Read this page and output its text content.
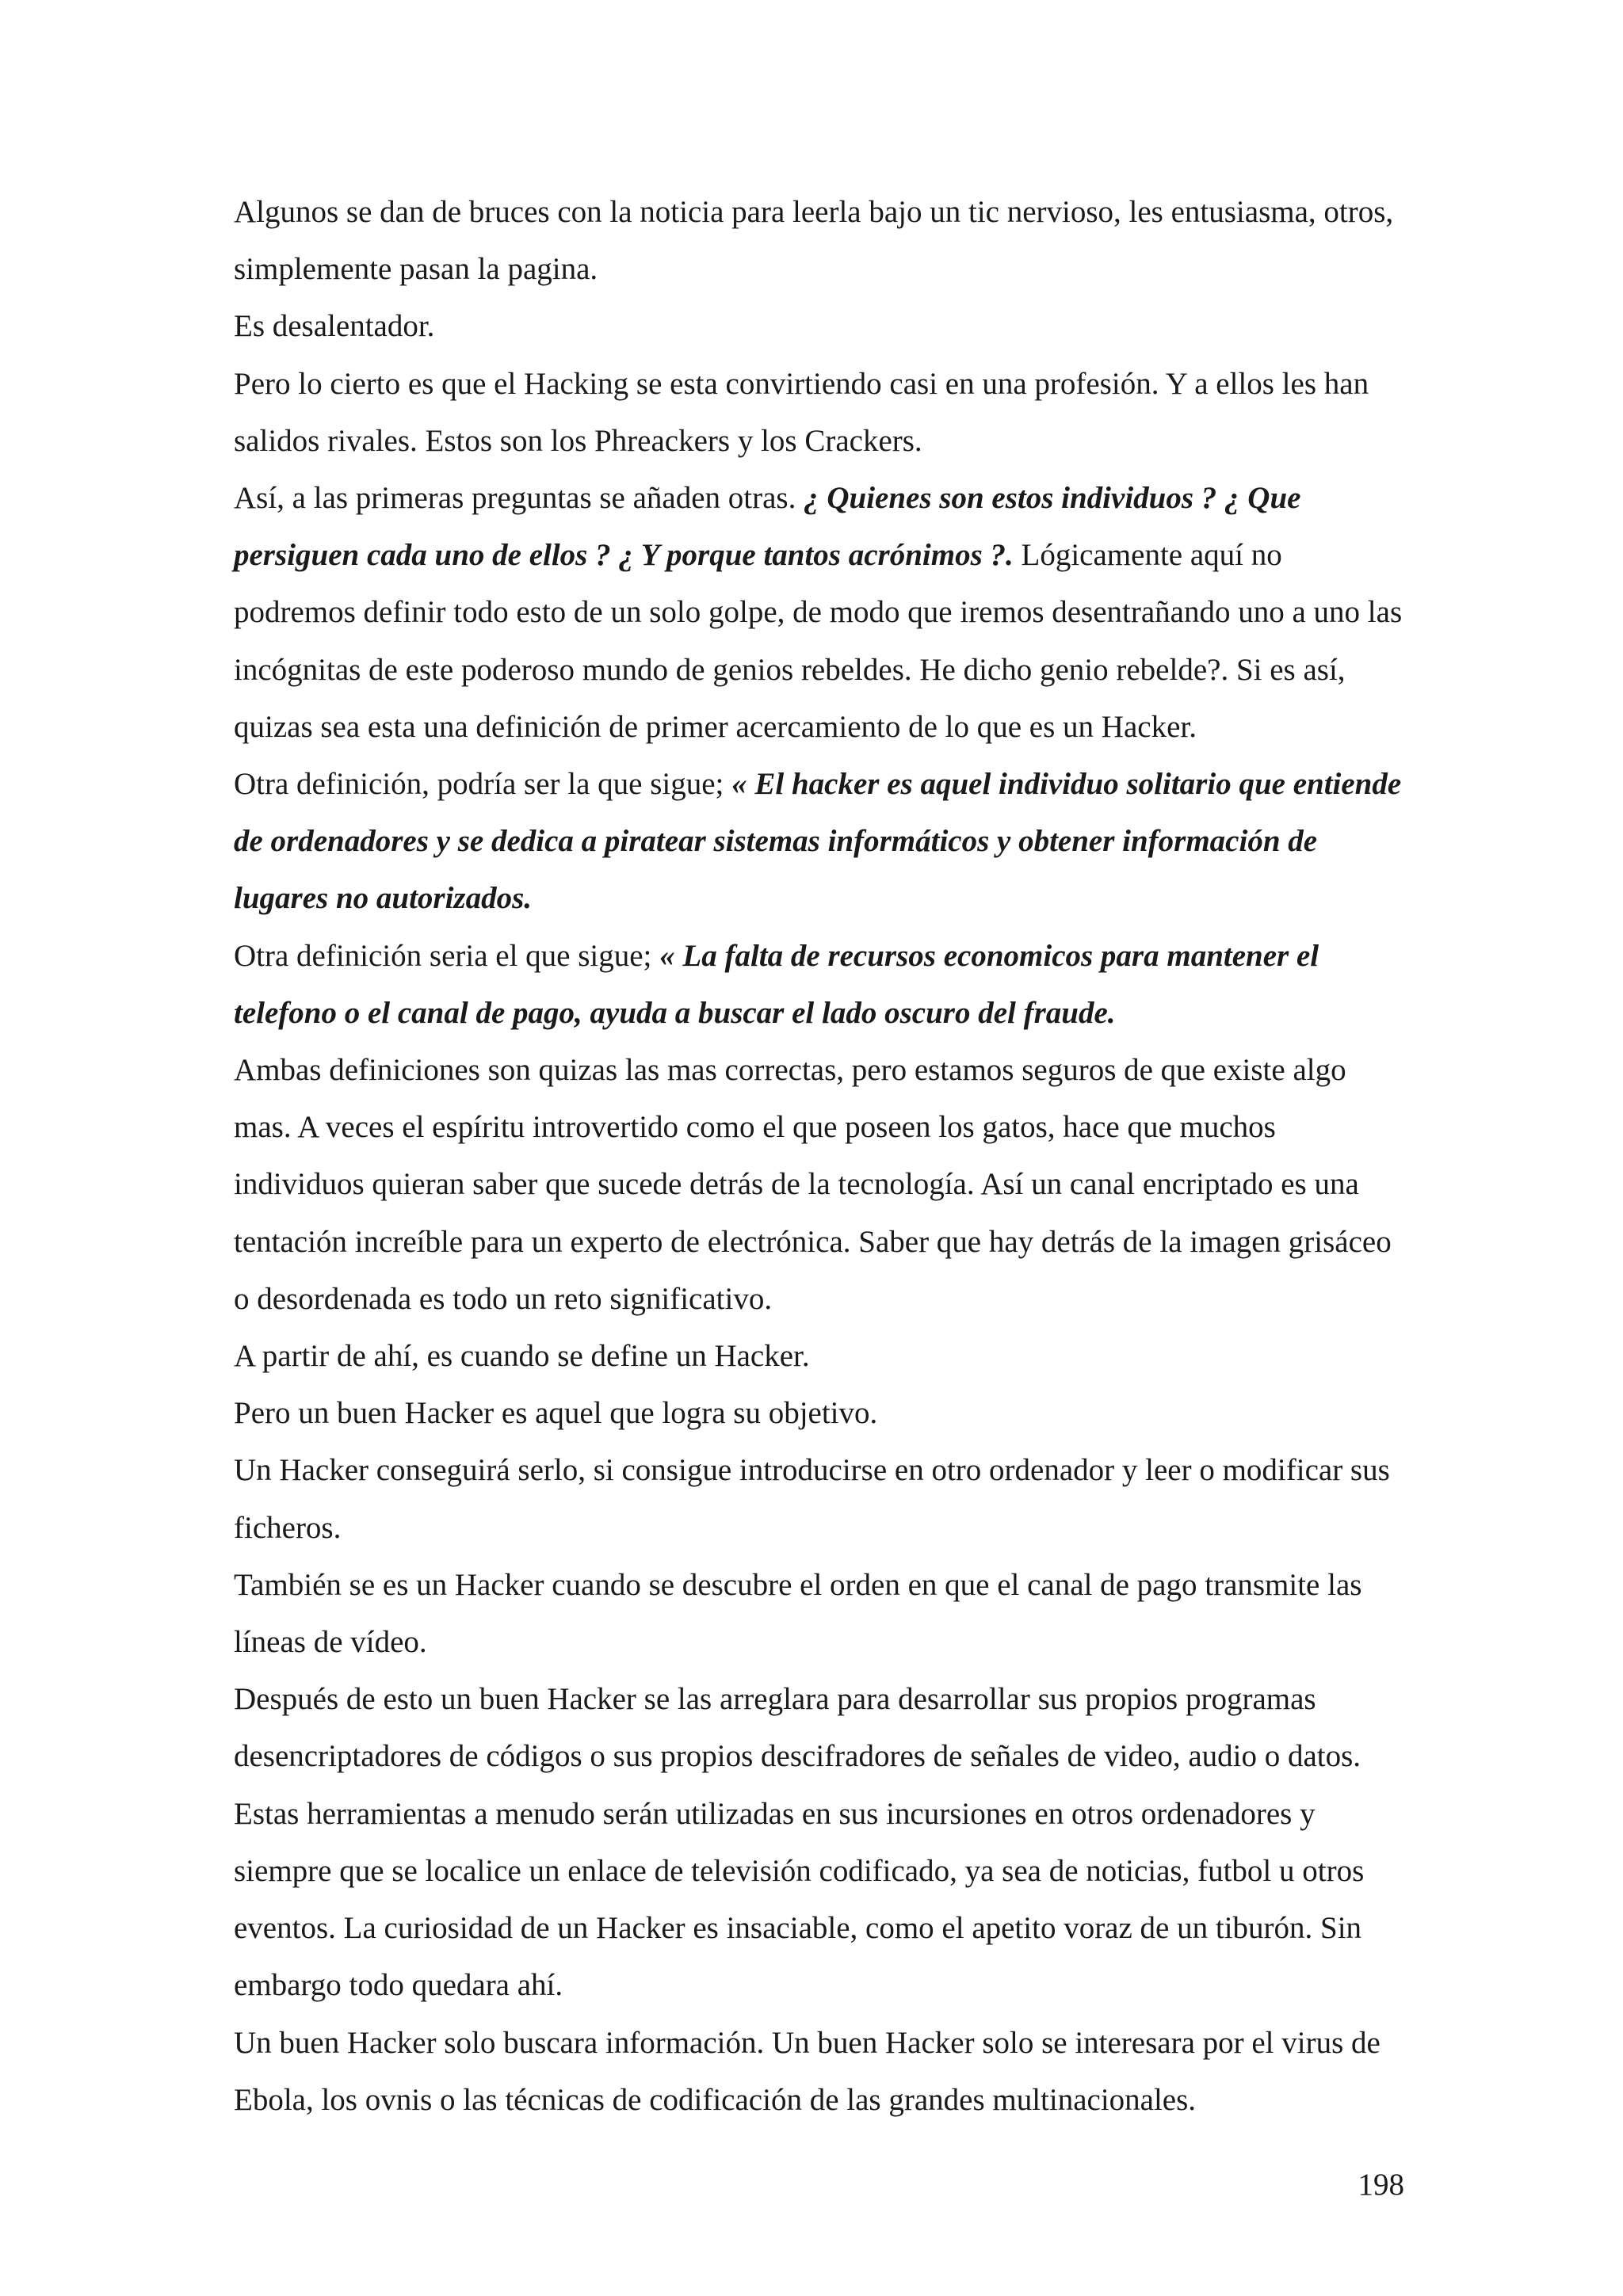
Algunos se dan de bruces con la noticia para leerla bajo un tic nervioso, les entusiasma, otros, simplemente pasan la pagina.

Es desalentador.

Pero lo cierto es que el Hacking se esta convirtiendo casi en una profesión. Y a ellos les han salidos rivales. Estos son los Phreackers y los Crackers.

Así, a las primeras preguntas se añaden otras. ¿ Quienes son estos individuos ? ¿ Que persiguen cada uno de ellos ? ¿ Y porque tantos acrónimos ?. Lógicamente aquí no podremos definir todo esto de un solo golpe, de modo que iremos desentrañando uno a uno las incógnitas de este poderoso mundo de genios rebeldes. He dicho genio rebelde?. Si es así, quizas sea esta una definición de primer acercamiento de lo que es un Hacker.

Otra definición, podría ser la que sigue; « El hacker es aquel individuo solitario que entiende de ordenadores y se dedica a piratear sistemas informáticos y obtener información de lugares no autorizados.

Otra definición seria el que sigue; « La falta de recursos economicos para mantener el telefono o el canal de pago, ayuda a buscar el lado oscuro del fraude.

Ambas definiciones son quizas las mas correctas, pero estamos seguros de que existe algo mas. A veces el espíritu introvertido como el que poseen los gatos, hace que muchos individuos quieran saber que sucede detrás de la tecnología. Así un canal encriptado es una tentación increíble para un experto de electrónica. Saber que hay detrás de la imagen grisáceo o desordenada es todo un reto significativo.

A partir de ahí, es cuando se define un Hacker.

Pero un buen Hacker es aquel que logra su objetivo.

Un Hacker conseguirá serlo, si consigue introducirse en otro ordenador y leer o modificar sus ficheros.

También se es un Hacker cuando se descubre el orden en que el canal de pago transmite las líneas de vídeo.

Después de esto un buen Hacker se las arreglara para desarrollar sus propios programas desencriptadores de códigos o sus propios descifradores de señales de video, audio o datos. Estas herramientas a menudo serán utilizadas en sus incursiones en otros ordenadores y siempre que se localice un enlace de televisión codificado, ya sea de noticias, futbol u otros eventos. La curiosidad de un Hacker es insaciable, como el apetito voraz de un tiburón. Sin embargo todo quedara ahí.

Un buen Hacker solo buscara información. Un buen Hacker solo se interesara por el virus de Ebola, los ovnis o las técnicas de codificación de las grandes multinacionales.

198
